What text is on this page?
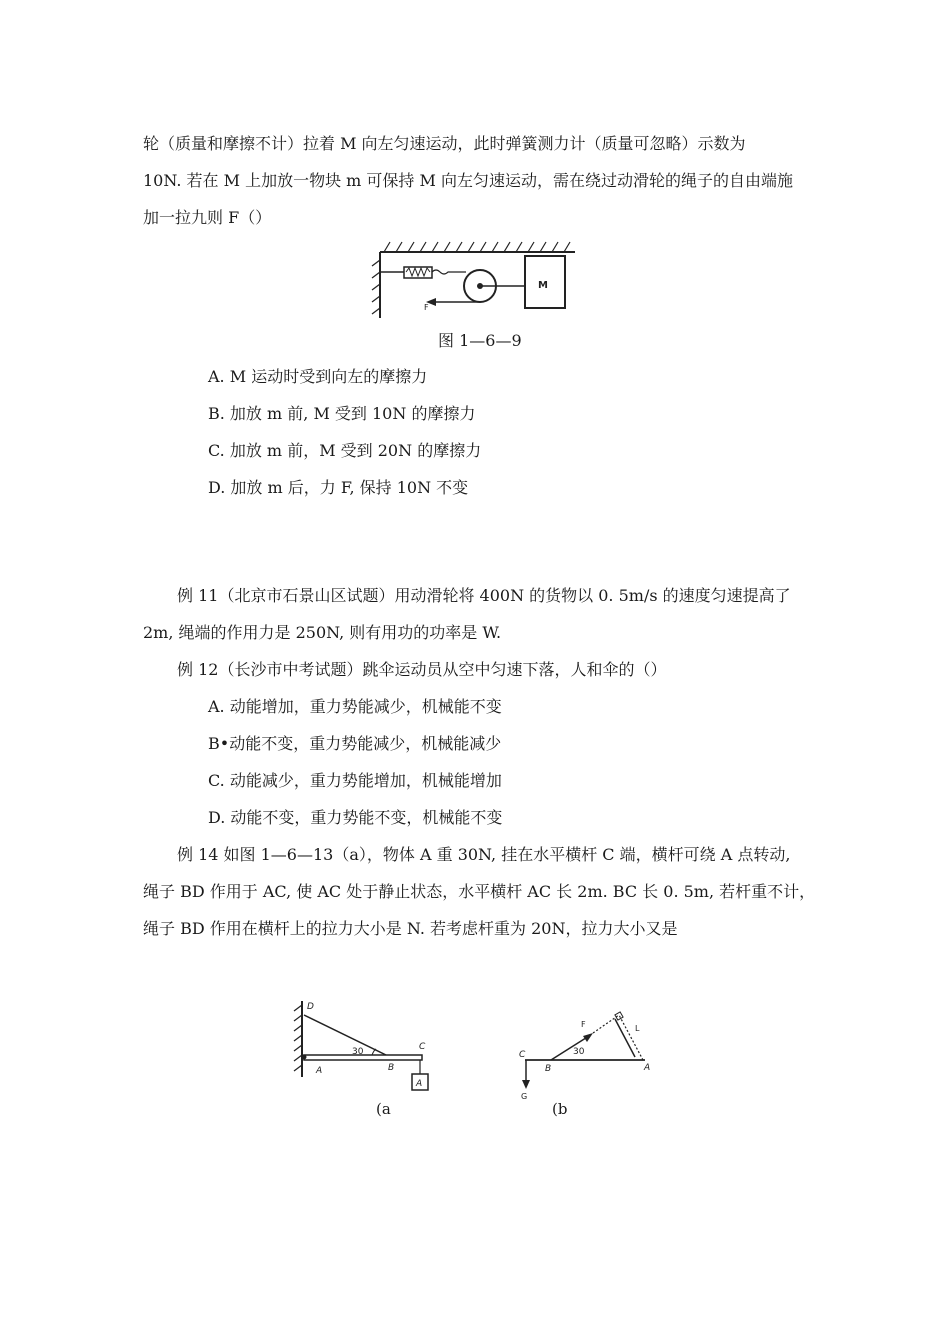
轮（质量和摩擦不计）拉着 M 向左匀速运动，此时弹簧测力计（质量可忽略）示数为
10N. 若在 M 上加放一物块 m 可保持 M 向左匀速运动，需在绕过动滑轮的绳子的自由端施
加一拉九则 F（）
M
F
图 1—6—9
A. M 运动时受到向左的摩擦力
B. 加放 m 前, M 受到 10N 的摩擦力
C. 加放 m 前，M 受到 20N 的摩擦力
D. 加放 m 后，力 F, 保持 10N 不变
例 11（北京市石景山区试题）用动滑轮将 400N 的货物以 0. 5m/s 的速度匀速提高了
2m, 绳端的作用力是 250N, 则有用功的功率是 W.
例 12（长沙市中考试题）跳伞运动员从空中匀速下落，人和伞的（）
A. 动能增加，重力势能减少，机械能不变
B•动能不变，重力势能减少，机械能减少
C. 动能减少，重力势能增加，机械能增加
D. 动能不变，重力势能不变，机械能不变
例 14 如图 1—6—13（a），物体 A 重 30N, 挂在水平横杆 C 端，横杆可绕 A 点转动,
绳子 BD 作用于 AC, 使 AC 处于静止状态，水平横杆 AC 长 2m. BC 长 0. 5m, 若杆重不计，
绳子 BD 作用在横杆上的拉力大小是 N. 若考虑杆重为 20N，拉力大小又是
D
30
A	B
C
A
(a
C
B	A
G
F
30
L
(b
